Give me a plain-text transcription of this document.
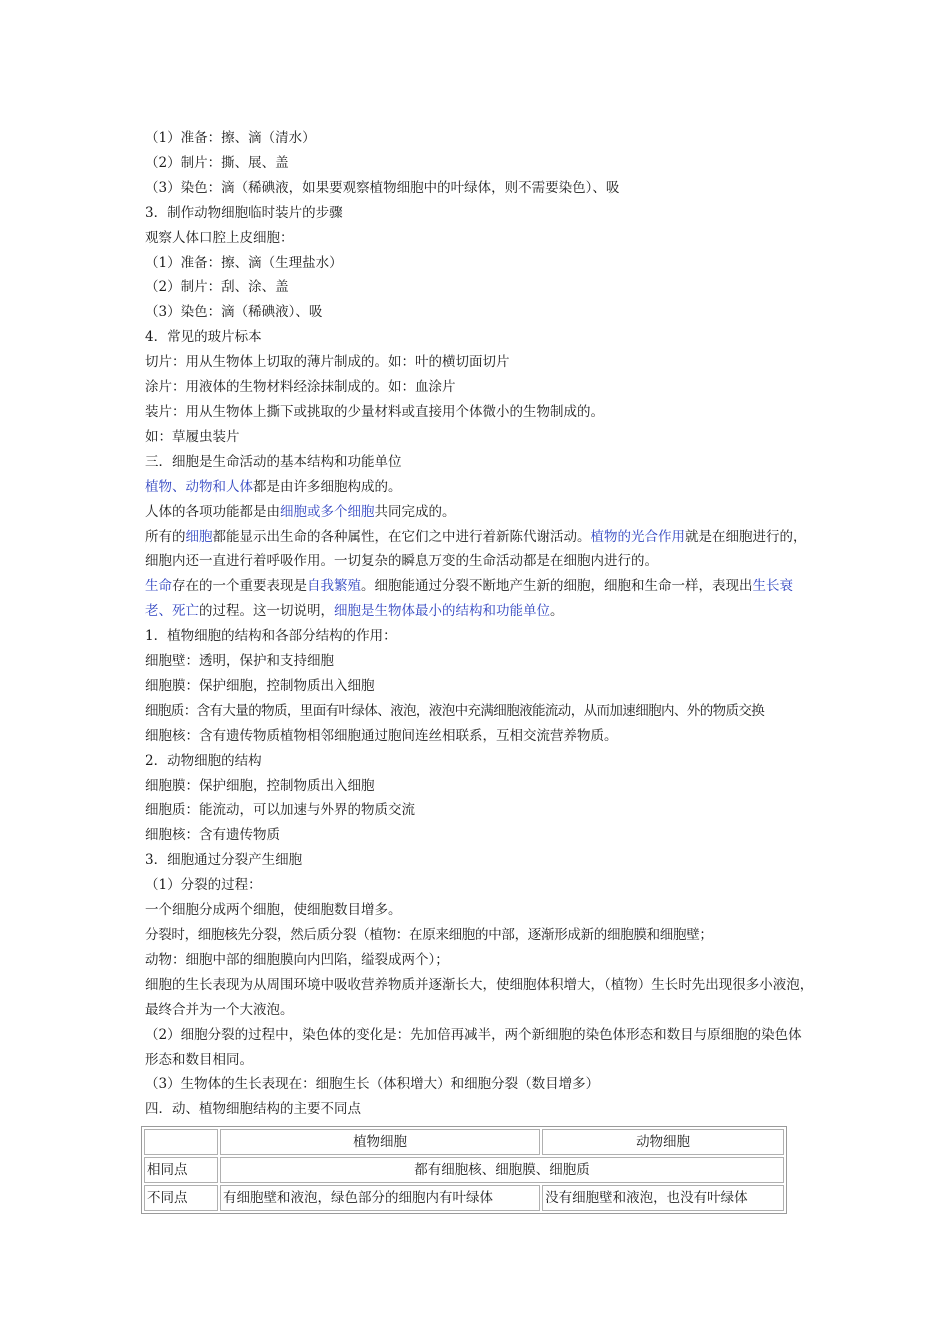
（1）准备：擦、滴（清水）
（2）制片：撕、展、盖
（3）染色：滴（稀碘液，如果要观察植物细胞中的叶绿体，则不需要染色）、吸
3．制作动物细胞临时装片的步骤
观察人体口腔上皮细胞：
（1）准备：擦、滴（生理盐水）
（2）制片：刮、涂、盖
（3）染色：滴（稀碘液）、吸
4．常见的玻片标本
切片：用从生物体上切取的薄片制成的。如：叶的横切面切片
涂片：用液体的生物材料经涂抹制成的。如：血涂片
装片：用从生物体上撕下或挑取的少量材料或直接用个体微小的生物制成的。
如：草履虫装片
三．细胞是生命活动的基本结构和功能单位
植物、动物和人体都是由许多细胞构成的。
人体的各项功能都是由细胞或多个细胞共同完成的。
所有的细胞都能显示出生命的各种属性，在它们之中进行着新陈代谢活动。植物的光合作用就是在细胞进行的，细胞内还一直进行着呼吸作用。一切复杂的瞬息万变的生命活动都是在细胞内进行的。
生命存在的一个重要表现是自我繁殖。细胞能通过分裂不断地产生新的细胞，细胞和生命一样，表现出生长衰老、死亡的过程。这一切说明，细胞是生物体最小的结构和功能单位。
1．植物细胞的结构和各部分结构的作用：
细胞壁：透明，保护和支持细胞
细胞膜：保护细胞，控制物质出入细胞
细胞质：含有大量的物质，里面有叶绿体、液泡，液泡中充满细胞液能流动，从而加速细胞内、外的物质交换
细胞核：含有遗传物质植物相邻细胞通过胞间连丝相联系，互相交流营养物质。
2．动物细胞的结构
细胞膜：保护细胞，控制物质出入细胞
细胞质：能流动，可以加速与外界的物质交流
细胞核：含有遗传物质
3．细胞通过分裂产生细胞
（1）分裂的过程：
一个细胞分成两个细胞，使细胞数目增多。
分裂时，细胞核先分裂，然后质分裂（植物：在原来细胞的中部，逐渐形成新的细胞膜和细胞壁；
动物：细胞中部的细胞膜向内凹陷，缢裂成两个）；
细胞的生长表现为从周围环境中吸收营养物质并逐渐长大，使细胞体积增大，（植物）生长时先出现很多小液泡，最终合并为一个大液泡。
（2）细胞分裂的过程中，染色体的变化是：先加倍再减半，两个新细胞的染色体形态和数目与原细胞的染色体形态和数目相同。
（3）生物体的生长表现在：细胞生长（体积增大）和细胞分裂（数目增多）
四．动、植物细胞结构的主要不同点
	植物细胞	动物细胞
相同点	都有细胞核、细胞膜、细胞质	
不同点	有细胞壁和液泡，绿色部分的细胞内有叶绿体	没有细胞壁和液泡，也没有叶绿体
